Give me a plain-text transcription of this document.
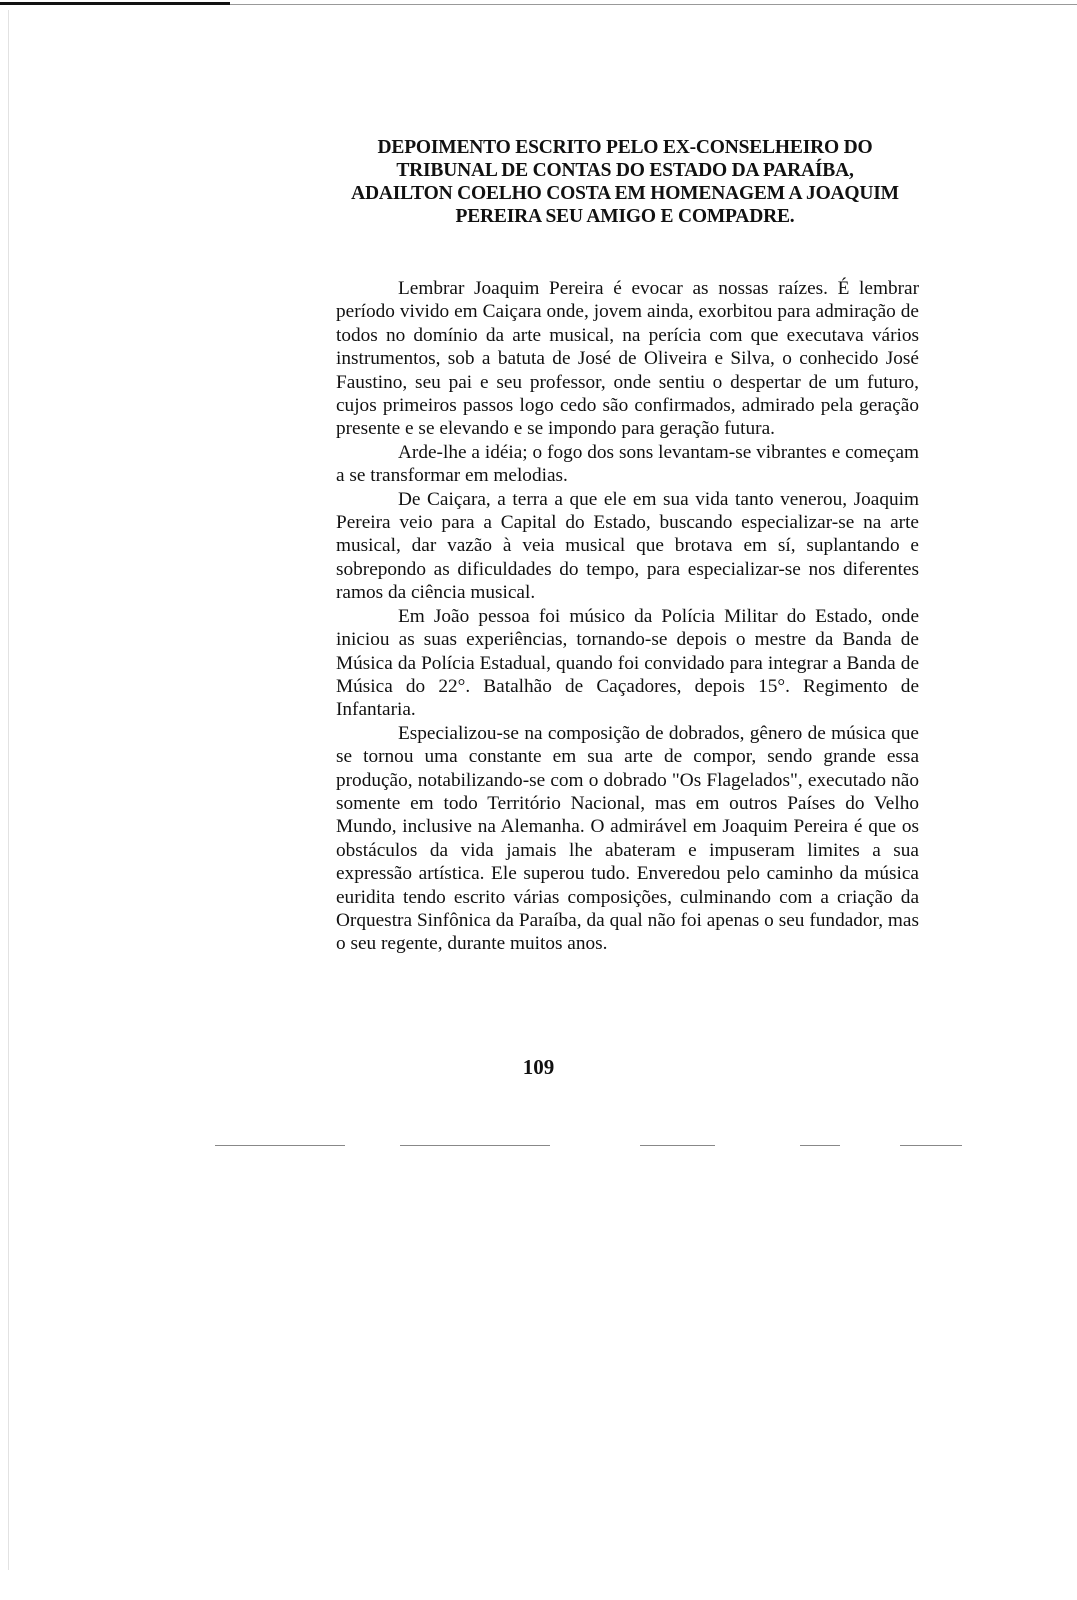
DEPOIMENTO ESCRITO PELO EX-CONSELHEIRO DO
TRIBUNAL DE CONTAS DO ESTADO DA PARAÍBA,
ADAILTON COELHO COSTA EM HOMENAGEM A JOAQUIM
PEREIRA SEU AMIGO E COMPADRE.

Lembrar Joaquim Pereira é evocar as nossas raízes. É lembrar período vivido em Caiçara onde, jovem ainda, exorbitou para admiração de todos no domínio da arte musical, na perícia com que executava vários instrumentos, sob a batuta de José de Oliveira e Silva, o conhecido José Faustino, seu pai e seu professor, onde sentiu o despertar de um futuro, cujos primeiros passos logo cedo são confirmados, admirado pela geração presente e se elevando e se impondo para geração futura.

Arde-lhe a idéia; o fogo dos sons levantam-se vibrantes e começam a se transformar em melodias.

De Caiçara, a terra a que ele em sua vida tanto venerou, Joaquim Pereira veio para a Capital do Estado, buscando especializar-se na arte musical, dar vazão à veia musical que brotava em sí, suplantando e sobrepondo as dificuldades do tempo, para especializar-se nos diferentes ramos da ciência musical.

Em João pessoa foi músico da Polícia Militar do Estado, onde iniciou as suas experiências, tornando-se depois o mestre da Banda de Música da Polícia Estadual, quando foi convidado para integrar a Banda de Música do 22°. Batalhão de Caçadores, depois 15°. Regimento de Infantaria.

Especializou-se na composição de dobrados, gênero de música que se tornou uma constante em sua arte de compor, sendo grande essa produção, notabilizando-se com o dobrado "Os Flagelados", executado não somente em todo Território Nacional, mas em outros Países do Velho Mundo, inclusive na Alemanha. O admirável em Joaquim Pereira é que os obstáculos da vida jamais lhe abateram e impuseram limites a sua expressão artística. Ele superou tudo. Enveredou pelo caminho da música euridita tendo escrito várias composições, culminando com a criação da Orquestra Sinfônica da Paraíba, da qual não foi apenas o seu fundador, mas o seu regente, durante muitos anos.

109
